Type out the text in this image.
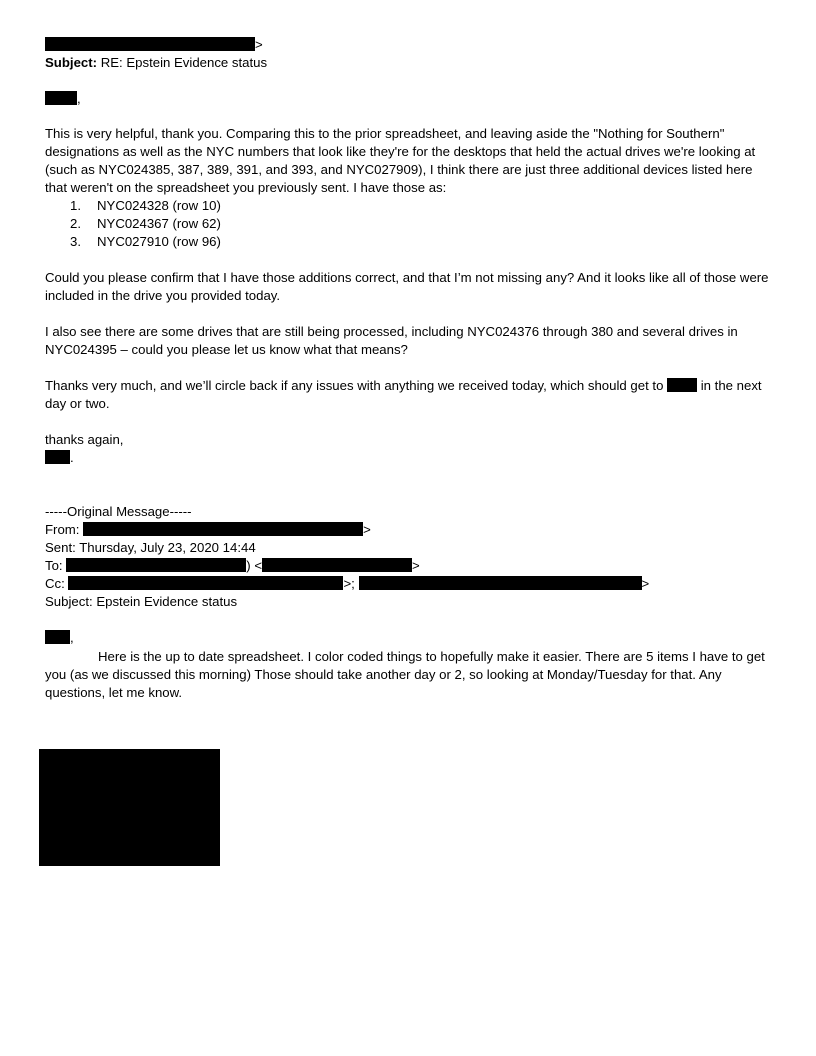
>
Subject: RE: Epstein Evidence status
,

This is very helpful, thank you. Comparing this to the prior spreadsheet, and leaving aside the "Nothing for Southern" designations as well as the NYC numbers that look like they're for the desktops that held the actual drives we're looking at (such as NYC024385, 387, 389, 391, and 393, and NYC027909), I think there are just three additional devices listed here that weren't on the spreadsheet you previously sent. I have those as:

1. NYC024328 (row 10)
2. NYC024367 (row 62)
3. NYC027910 (row 96)

Could you please confirm that I have those additions correct, and that I’m not missing any? And it looks like all of those were included in the drive you provided today.

I also see there are some drives that are still being processed, including NYC024376 through 380 and several drives in NYC024395 – could you please let us know what that means?

Thanks very much, and we’ll circle back if any issues with anything we received today, which should get to  in the next day or two.

thanks again,
.
-----Original Message-----
From:	>
Sent: Thursday, July 23, 2020 14:44
To:	) <	>
Cc:	>;	>
Subject: Epstein Evidence status
,

Here is the up to date spreadsheet. I color coded things to hopefully make it easier. There are 5 items I have to get you (as we discussed this morning) Those should take another day or 2, so looking at Monday/Tuesday for that. Any questions, let me know.
